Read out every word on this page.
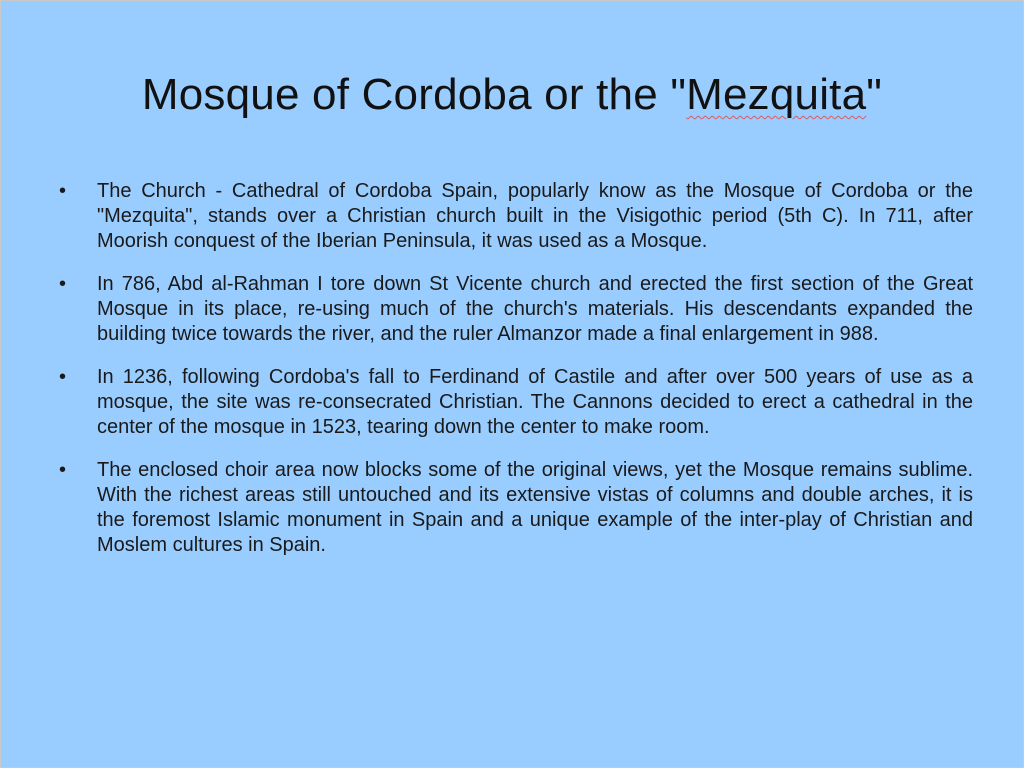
Mosque of Cordoba or the "Mezquita"
• The Church - Cathedral of Cordoba Spain, popularly know as the Mosque of Cordoba or the "Mezquita", stands over a Christian church built in the Visigothic period (5th C). In 711, after Moorish conquest of the Iberian Peninsula, it was used as a Mosque.
• In 786, Abd al-Rahman I tore down St Vicente church and erected the first section of the Great Mosque in its place, re-using much of the church's materials. His descendants expanded the building twice towards the river, and the ruler Almanzor made a final enlargement in 988.
• In 1236, following Cordoba's fall to Ferdinand of Castile and after over 500 years of use as a mosque, the site was re-consecrated Christian. The Cannons decided to erect a cathedral in the center of the mosque in 1523, tearing down the center to make room.
• The enclosed choir area now blocks some of the original views, yet the Mosque remains sublime. With the richest areas still untouched and its extensive vistas of columns and double arches, it is the foremost Islamic monument in Spain and a unique example of the inter-play of Christian and Moslem cultures in Spain.
